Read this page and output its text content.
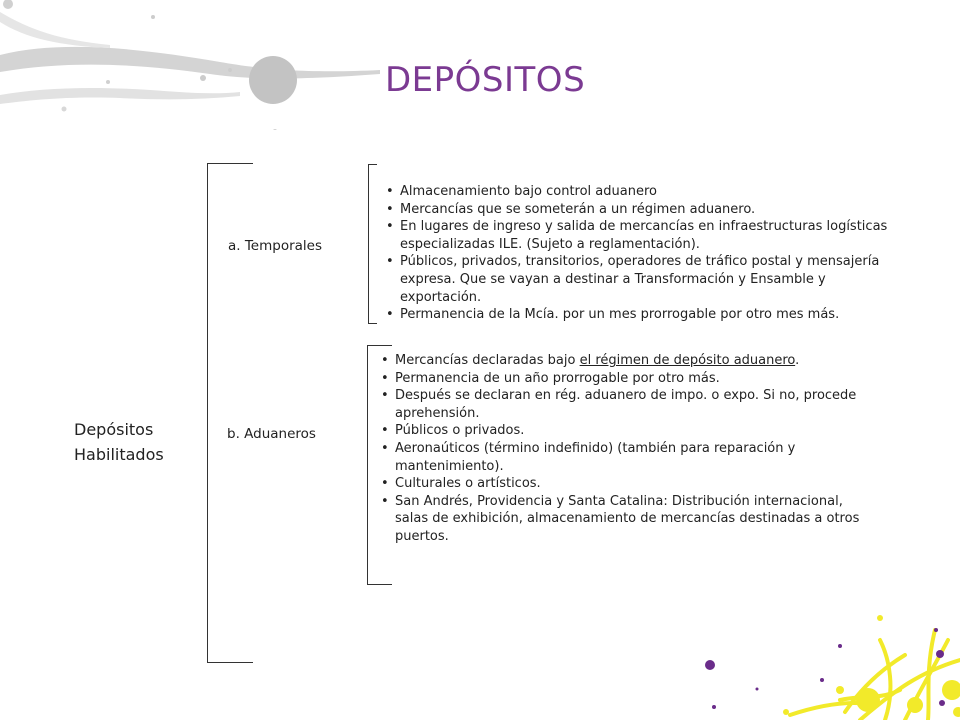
DEPÓSITOS
Depósitos
Habilitados
a. Temporales
b. Aduaneros
• Almacenamiento bajo control aduanero
• Mercancías que se someterán a un régimen aduanero.
• En lugares de ingreso y salida de mercancías en infraestructuras logísticas especializadas ILE. (Sujeto a reglamentación).
• Públicos, privados, transitorios, operadores de tráfico postal y mensajería expresa. Que se vayan a destinar a Transformación y Ensamble y exportación.
• Permanencia de la Mcía. por un mes prorrogable por otro mes más.
• Mercancías declaradas bajo el régimen de depósito aduanero.
• Permanencia de un año prorrogable por otro más.
• Después se declaran en rég. aduanero de impo. o expo. Si no, procede aprehensión.
• Públicos o privados.
• Aeronaúticos (término indefinido) (también para reparación y mantenimiento).
• Culturales o artísticos.
• San Andrés, Providencia y Santa Catalina: Distribución internacional, salas de exhibición, almacenamiento de mercancías destinadas a otros puertos.
